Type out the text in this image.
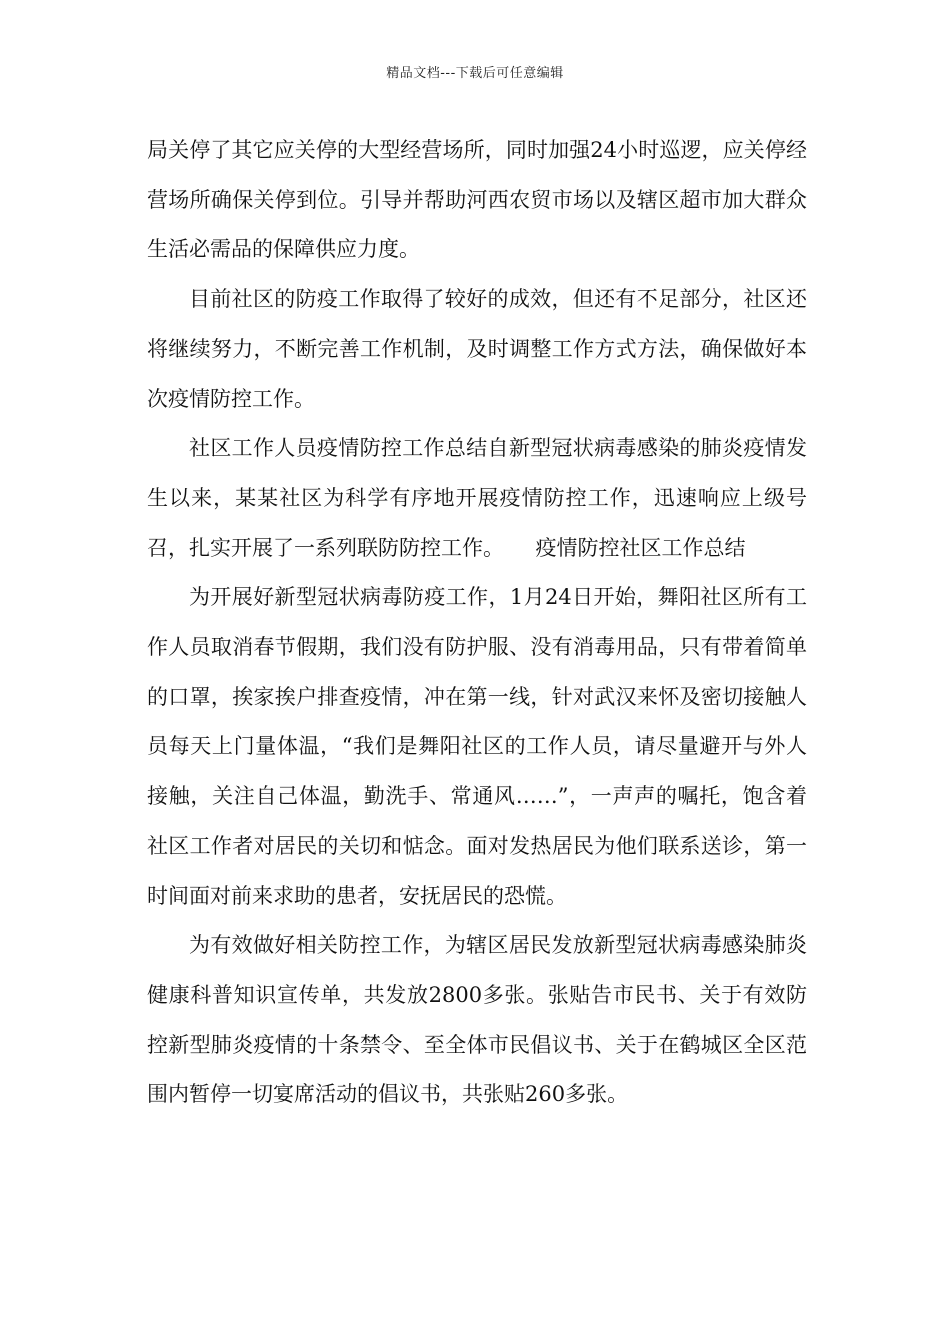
精品文档---下载后可任意编辑

局关停了其它应关停的大型经营场所，同时加强24小时巡逻，应关停经营场所确保关停到位。引导并帮助河西农贸市场以及辖区超市加大群众生活必需品的保障供应力度。

目前社区的防疫工作取得了较好的成效，但还有不足部分，社区还将继续努力，不断完善工作机制，及时调整工作方式方法，确保做好本次疫情防控工作。

社区工作人员疫情防控工作总结自新型冠状病毒感染的肺炎疫情发生以来，某某社区为科学有序地开展疫情防控工作，迅速响应上级号召，扎实开展了一系列联防防控工作。　　疫情防控社区工作总结

为开展好新型冠状病毒防疫工作，1月24日开始，舞阳社区所有工作人员取消春节假期，我们没有防护服、没有消毒用品，只有带着简单的口罩，挨家挨户排查疫情，冲在第一线，针对武汉来怀及密切接触人员每天上门量体温，“我们是舞阳社区的工作人员，请尽量避开与外人接触，关注自己体温，勤洗手、常通风……”，一声声的嘱托，饱含着社区工作者对居民的关切和惦念。面对发热居民为他们联系送诊，第一时间面对前来求助的患者，安抚居民的恐慌。

为有效做好相关防控工作，为辖区居民发放新型冠状病毒感染肺炎健康科普知识宣传单，共发放2800多张。张贴告市民书、关于有效防控新型肺炎疫情的十条禁令、至全体市民倡议书、关于在鹤城区全区范围内暂停一切宴席活动的倡议书，共张贴260多张。
